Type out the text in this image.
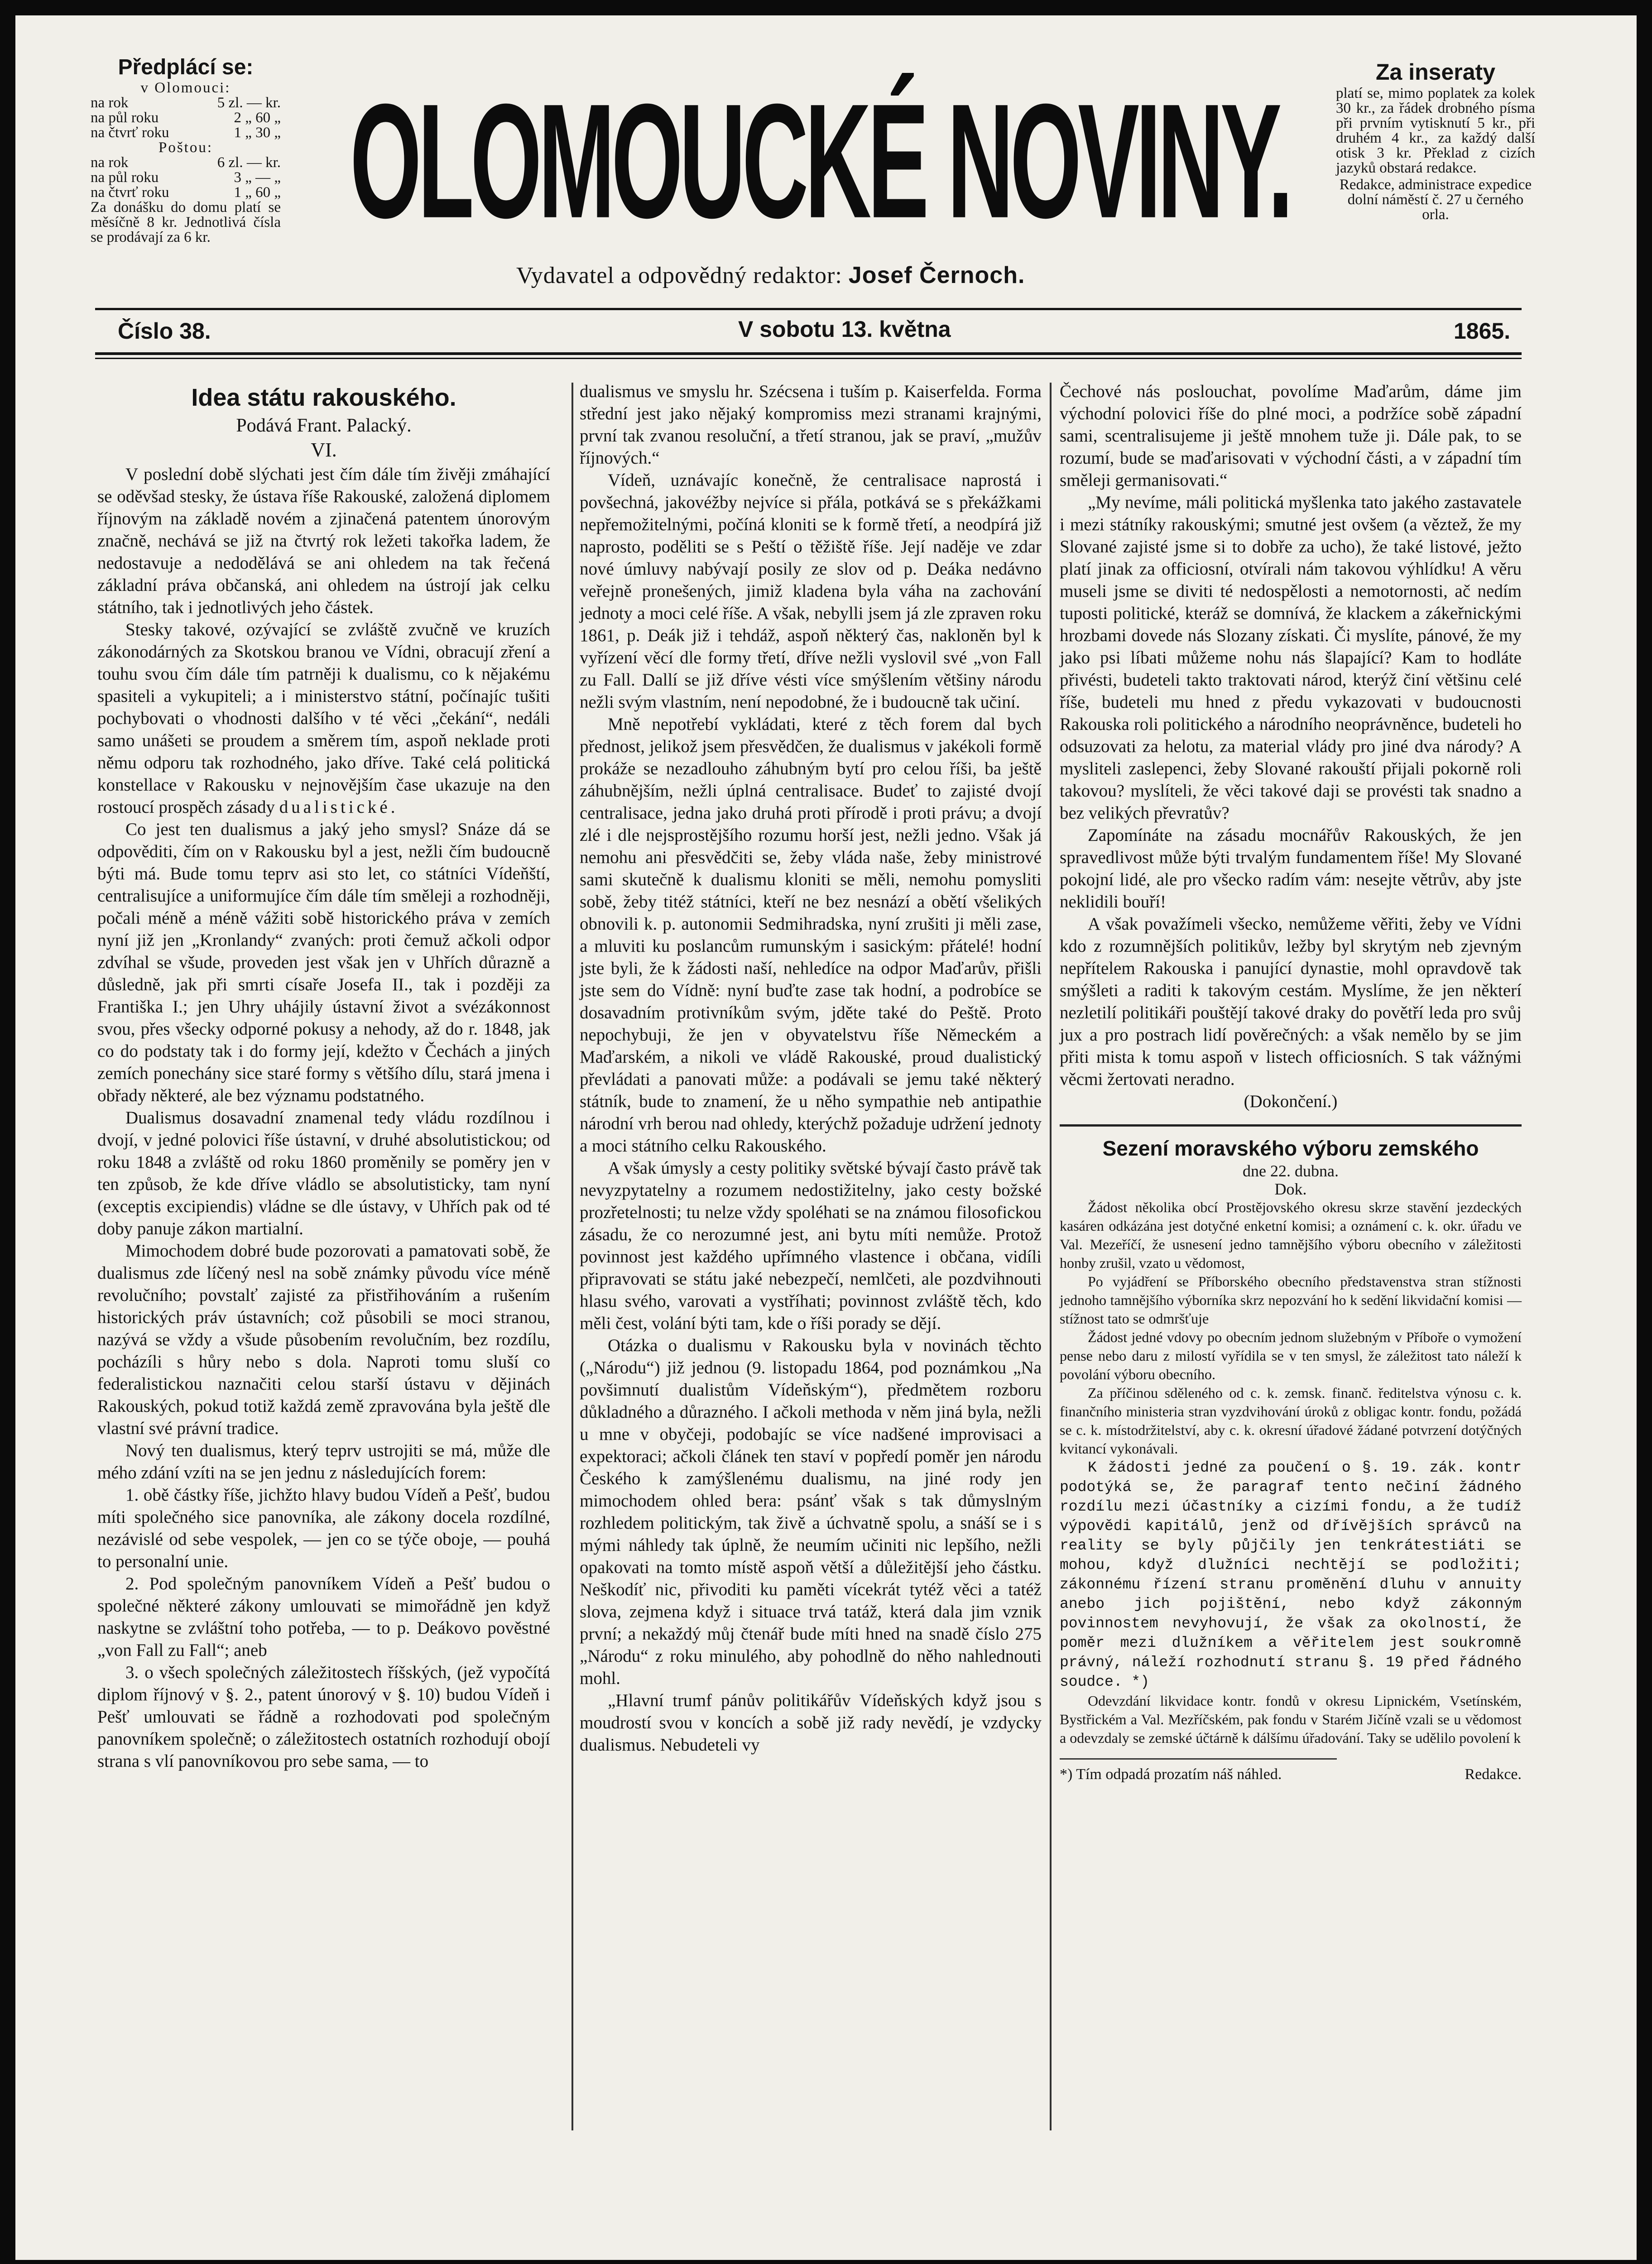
Předplácí se:
v Olomouci:
na rok	5 zl. — kr.
na půl roku	2 „ 60 „
na čtvrť roku	1 „ 30 „
Poštou:
na rok	6 zl. — kr.
na půl roku	3 „ — „
na čtvrť roku	1 „ 60 „
Za donášku do domu platí se měsíčně 8 kr. Jednotlivá čísla se prodávají za 6 kr.	OLOMOUCKÉ NOVINY.
Vydavatel a odpovědný redaktor: Josef Černoch.
Za inseraty
platí se, mimo poplatek za kolek 30 kr., za řádek drobného písma při prvním vytisknutí 5 kr., při druhém 4 kr., za každý další otisk 3 kr. Překlad z cizích jazyků obstará redakce.
Redakce, administrace expedice dolní náměstí č. 27 u černého orla.
Číslo 38.	V sobotu 13. května	1865.

Idea státu rakouského.

Podává Frant. Palacký.

VI.

V poslední době slýchati jest čím dále tím živěji zmáhající se oděvšad stesky, že ústava říše Rakouské, založená diplomem říjnovým na základě novém a zjinačená patentem únorovým značně, nechává se již na čtvrtý rok ležeti takořka ladem, že nedostavuje a nedodělává se ani ohledem na tak řečená základní práva občanská, ani ohledem na ústrojí jak celku státního, tak i jednotlivých jeho částek.

Stesky takové, ozývající se zvláště zvučně ve kruzích zákonodárných za Skotskou branou ve Vídni, obracují zření a touhu svou čím dále tím patrněji k dualismu, co k nějakému spasiteli a vykupiteli; a i ministerstvo státní, počínajíc tušiti pochybovati o vhodnosti dalšího v té věci „čekání“, nedáli samo unášeti se proudem a směrem tím, aspoň neklade proti němu odporu tak rozhodného, jako dříve. Také celá politická konstellace v Rakousku v nejnovějším čase ukazuje na den rostoucí prospěch zásady dualistické.

Co jest ten dualismus a jaký jeho smysl? Snáze dá se odpověditi, čím on v Rakousku byl a jest, nežli čím budoucně býti má. Bude tomu teprv asi sto let, co státníci Vídeňští, centralisujíce a uniformujíce čím dále tím směleji a rozhodněji, počali méně a méně vážiti sobě historického práva v zemích nyní již jen „Kronlandy“ zvaných: proti čemuž ačkoli odpor zdvíhal se všude, proveden jest však jen v Uhřích důrazně a důsledně, jak při smrti císaře Josefa II., tak i později za Františka I.; jen Uhry uhájily ústavní život a svézákonnost svou, přes všecky odporné pokusy a nehody, až do r. 1848, jak co do podstaty tak i do formy její, kdežto v Čechách a jiných zemích ponechány sice staré formy s většího dílu, stará jmena i obřady některé, ale bez významu podstatného.

Dualismus dosavadní znamenal tedy vládu rozdílnou i dvojí, v jedné polovici říše ústavní, v druhé absolutistickou; od roku 1848 a zvláště od roku 1860 proměnily se poměry jen v ten způsob, že kde dříve vládlo se absolutisticky, tam nyní (exceptis excipiendis) vládne se dle ústavy, v Uhřích pak od té doby panuje zákon martialní.

Mimochodem dobré bude pozorovati a pamatovati sobě, že dualismus zde líčený nesl na sobě známky původu více méně revolučního; povstalť zajisté za přistřihováním a rušením historických práv ústavních; což působili se moci stranou, nazývá se vždy a všude působením revolučním, bez rozdílu, pocházíli s hůry nebo s dola. Naproti tomu sluší co federalistickou naznačiti celou starší ústavu v dějinách Rakouských, pokud totiž každá země zpravována byla ještě dle vlastní své právní tradice.

Nový ten dualismus, který teprv ustrojiti se má, může dle mého zdání vzíti na se jen jednu z následujících forem:

1. obě částky říše, jichžto hlavy budou Vídeň a Pešť, budou míti společného sice panovníka, ale zákony docela rozdílné, nezávislé od sebe vespolek, — jen co se týče oboje, — pouhá to personalní unie.

2. Pod společným panovníkem Vídeň a Pešť budou o společné některé zákony umlouvati se mimořádně jen když naskytne se zvláštní toho potřeba, — to p. Deákovo pověstné „von Fall zu Fall“; aneb

3. o všech společných záležitostech říšských, (jež vypočítá diplom říjnový v §. 2., patent únorový v §. 10) budou Vídeň i Pešť umlouvati se řádně a rozhodovati pod společným panovníkem společně; o záležitostech ostatních rozhodují obojí strana s vlí panovníkovou pro sebe sama, — to

dualismus ve smyslu hr. Szécsena i tuším p. Kaiserfelda. Forma střední jest jako nějaký kompromiss mezi stranami krajnými, první tak zvanou resoluční, a třetí stranou, jak se praví, „mužův říjnových.“

Vídeň, uznávajíc konečně, že centralisace naprostá i povšechná, jakovéžby nejvíce si přála, potkává se s překážkami nepřemožitelnými, počíná kloniti se k formě třetí, a neodpírá již naprosto, poděliti se s Peští o těžiště říše. Její naděje ve zdar nové úmluvy nabývají posily ze slov od p. Deáka nedávno veřejně pronešených, jimiž kladena byla váha na zachování jednoty a moci celé říše. A však, nebylli jsem já zle zpraven roku 1861, p. Deák již i tehdáž, aspoň některý čas, nakloněn byl k vyřízení věcí dle formy třetí, dříve nežli vyslovil své „von Fall zu Fall. Dallí se již dříve vésti více smýšlením většiny národu nežli svým vlastním, není nepodobné, že i budoucně tak učiní.

Mně nepotřebí vykládati, které z těch forem dal bych přednost, jelikož jsem přesvědčen, že dualismus v jakékoli formě prokáže se nezadlouho záhubným bytí pro celou říši, ba ještě záhubnějším, nežli úplná centralisace. Budeť to zajisté dvojí centralisace, jedna jako druhá proti přírodě i proti právu; a dvojí zlé i dle nejsprostějšího rozumu horší jest, nežli jedno. Však já nemohu ani přesvědčiti se, žeby vláda naše, žeby ministrové sami skutečně k dualismu kloniti se měli, nemohu pomysliti sobě, žeby titéž státníci, kteří ne bez nesnází a obětí všelikých obnovili k. p. autonomii Sedmihradska, nyní zrušiti ji měli zase, a mluviti ku poslancům rumunským i sasickým: přátelé! hodní jste byli, že k žádosti naší, nehledíce na odpor Maďarův, přišli jste sem do Vídně: nyní buďte zase tak hodní, a podrobíce se dosavadním protivníkům svým, jděte také do Peště. Proto nepochybuji, že jen v obyvatelstvu říše Německém a Maďarském, a nikoli ve vládě Rakouské, proud dualistický převládati a panovati může: a podávali se jemu také některý státník, bude to znamení, že u něho sympathie neb antipathie národní vrh berou nad ohledy, kterýchž požaduje udržení jednoty a moci státního celku Rakouského.

A však úmysly a cesty politiky světské bývají často právě tak nevyzpytatelny a rozumem nedostižitelny, jako cesty božské prozřetelnosti; tu nelze vždy spoléhati se na známou filosofickou zásadu, že co nerozumné jest, ani bytu míti nemůže. Protož povinnost jest každého upřímného vlastence i občana, vidíli připravovati se státu jaké nebezpečí, nemlčeti, ale pozdvihnouti hlasu svého, varovati a vystříhati; povinnost zvláště těch, kdo měli čest, volání býti tam, kde o říši porady se dějí.

Otázka o dualismu v Rakousku byla v novinách těchto („Národu“) již jednou (9. listopadu 1864, pod poznámkou „Na povšimnutí dualistům Vídeňským“), předmětem rozboru důkladného a důrazného. I ačkoli methoda v něm jiná byla, nežli u mne v obyčeji, podobajíc se více nadšené improvisaci a expektoraci; ačkoli článek ten staví v popředí poměr jen národu Českého k zamýšlenému dualismu, na jiné rody jen mimochodem ohled bera: psánť však s tak důmyslným rozhledem politickým, tak živě a úchvatně spolu, a snáší se i s mými náhledy tak úplně, že neumím učiniti nic lepšího, nežli opakovati na tomto místě aspoň větší a důležitější jeho částku. Neškodíť nic, přivoditi ku paměti vícekrát tytéž věci a tatéž slova, zejmena když i situace trvá tatáž, která dala jim vznik první; a nekaždý můj čtenář bude míti hned na snadě číslo 275 „Národu“ z roku minulého, aby pohodlně do něho nahlednouti mohl.

„Hlavní trumf pánův politikářův Vídeňských když jsou s moudrostí svou v koncích a sobě již rady nevědí, je vzdycky dualismus. Nebudeteli vy

Čechové nás poslouchat, povolíme Maďarům, dáme jim východní polovici říše do plné moci, a podržíce sobě západní sami, scentralisujeme ji ještě mnohem tuže ji. Dále pak, to se rozumí, bude se maďarisovati v východní části, a v západní tím směleji germanisovati.“

„My nevíme, máli politická myšlenka tato jakého zastavatele i mezi státníky rakouskými; smutné jest ovšem (a věztež, že my Slované zajisté jsme si to dobře za ucho), že také listové, ježto platí jinak za officiosní, otvírali nám takovou výhlídku! A věru museli jsme se diviti té nedospělosti a nemotornosti, ač nedím tuposti politické, kteráž se domnívá, že klackem a zákeřnickými hrozbami dovede nás Slozany získati. Či myslíte, pánové, že my jako psi líbati můžeme nohu nás šlapající? Kam to hodláte přivésti, budeteli takto traktovati národ, kterýž činí většinu celé říše, budeteli mu hned z předu vykazovati v budoucnosti Rakouska roli politického a národního neoprávněnce, budeteli ho odsuzovati za helotu, za material vlády pro jiné dva národy? A mysliteli zaslepenci, žeby Slované rakouští přijali pokorně roli takovou? myslíteli, že věci takové daji se provésti tak snadno a bez velikých převratův?

Zapomínáte na zásadu mocnářův Rakouských, že jen spravedlivost může býti trvalým fundamentem říše! My Slované pokojní lidé, ale pro všecko radím vám: nesejte větrův, aby jste neklidili bouří!

A však považímeli všecko, nemůžeme věřiti, žeby ve Vídni kdo z rozumnějších politikův, ležby byl skrytým neb zjevným nepřítelem Rakouska i panující dynastie, mohl opravdově tak smýšleti a raditi k takovým cestám. Myslíme, že jen některí nezletilí politikáři pouštějí takové draky do povětří leda pro svůj jux a pro postrach lidí pověrečných: a však nemělo by se jim přiti mista k tomu aspoň v listech officiosních. S tak vážnými věcmi žertovati neradno.

(Dokončení.)

Sezení moravského výboru zemského

dne 22. dubna.

Dok.

Žádost několika obcí Prostějovského okresu skrze stavění jezdeckých kasáren odkázána jest dotyčné enketní komisi; a oznámení c. k. okr. úřadu ve Val. Mezeříčí, že usnesení jedno tamnějšího výboru obecního v záležitosti honby zrušil, vzato u vědomost,

Po vyjádření se Příborského obecního představenstva stran stížnosti jednoho tamnějšího výborníka skrz nepozvání ho k sedění likvidační komisi — stížnost tato se odmršťuje

Žádost jedné vdovy po obecním jednom služebným v Příboře o vymožení pense nebo daru z milostí vyřídila se v ten smysl, že záležitost tato náleží k povolání výboru obecního.

Za příčinou sdělenéhо od c. k. zemsk. finanč. ředitelstva výnosu c. k. finančního ministeria stran vyzdvihování úroků z obligac kontr. fondu, požádá se c. k. místodržitelství, aby c. k. okresní úřadové žádané potvrzení dotýčných kvitancí vykonávali.

K žádosti jedné za poučení o §. 19. zák. kontr podotýká se, že paragraf tento nečiní žádného rozdílu mezi účastníky a cizími fondu, a že tudíž výpovědi kapitálů, jenž od dřívějších správců na reality se byly půjčily jen tenkrátestiáti se mohou, když dlužníci nechtějí se podložiti; zákonnému řízení stranu proměnění dluhu v annuity anebo jich pojištění, nebo když zákonným povinnostem nevyhovují, že však za okolností, že poměr mezi dlužníkem a věřitelem jest soukromně právný, náleží rozhodnutí stranu §. 19 před řádného soudce. *)

Odevzdání likvidace kontr. fondů v okresu Lipnickém, Vsetínském, Bystřickém a Val. Mezříčském, pak fondu v Starém Jičíně vzali se u vědomost a odevzdaly se zemské účtárně k dálšímu úřadování. Taky se udělilo povolení k

*) Tím odpadá prozatím náš náhled.	Redakce.
